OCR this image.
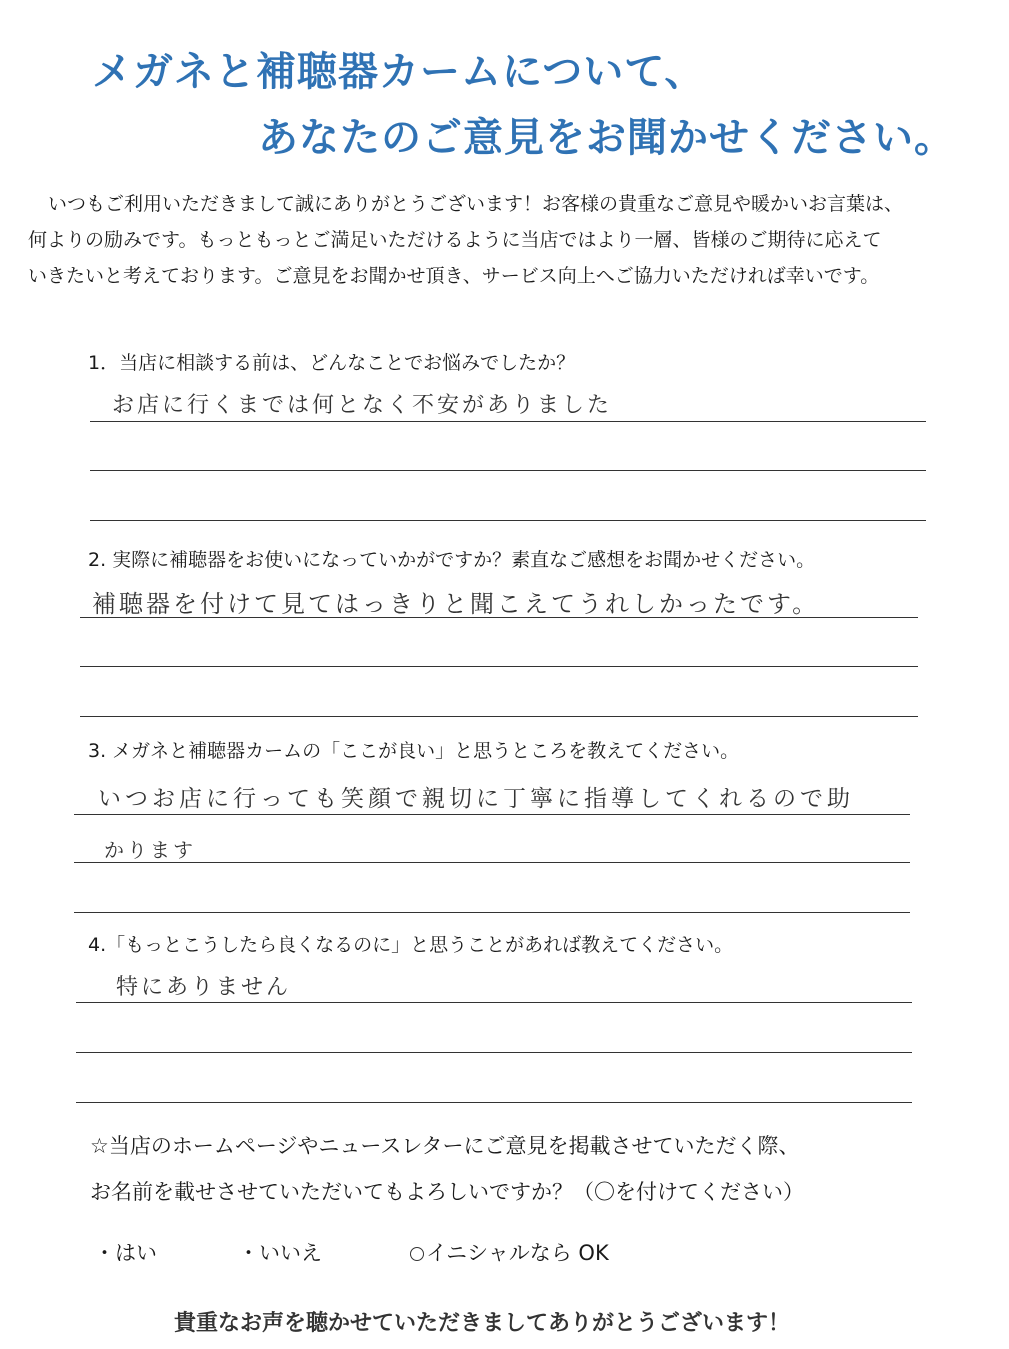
メガネと補聴器カームについて、
あなたのご意見をお聞かせください。

いつもご利用いただきまして誠にありがとうございます！お客様の貴重なご意見や暖かいお言葉は、

何よりの励みです。もっともっとご満足いただけるように当店ではより一層、皆様のご期待に応えて

いきたいと考えております。ご意見をお聞かせ頂き、サービス向上へご協力いただければ幸いです。

1．当店に相談する前は、どんなことでお悩みでしたか？
お店に行くまでは何となく不安がありました
2. 実際に補聴器をお使いになっていかがですか？素直なご感想をお聞かせください。
補聴器を付けて見てはっきりと聞こえてうれしかったです。
3. メガネと補聴器カームの「ここが良い」と思うところを教えてください。
いつお店に行っても笑顔で親切に丁寧に指導してくれるので助
かります
4.「もっとこうしたら良くなるのに」と思うことがあれば教えてください。
特にありません
☆当店のホームページやニュースレターにご意見を掲載させていただく際、
お名前を載せさせていただいてもよろしいですか？（〇を付けてください）
・はい	・いいえ	イニシャルなら OK
貴重なお声を聴かせていただきましてありがとうございます！
